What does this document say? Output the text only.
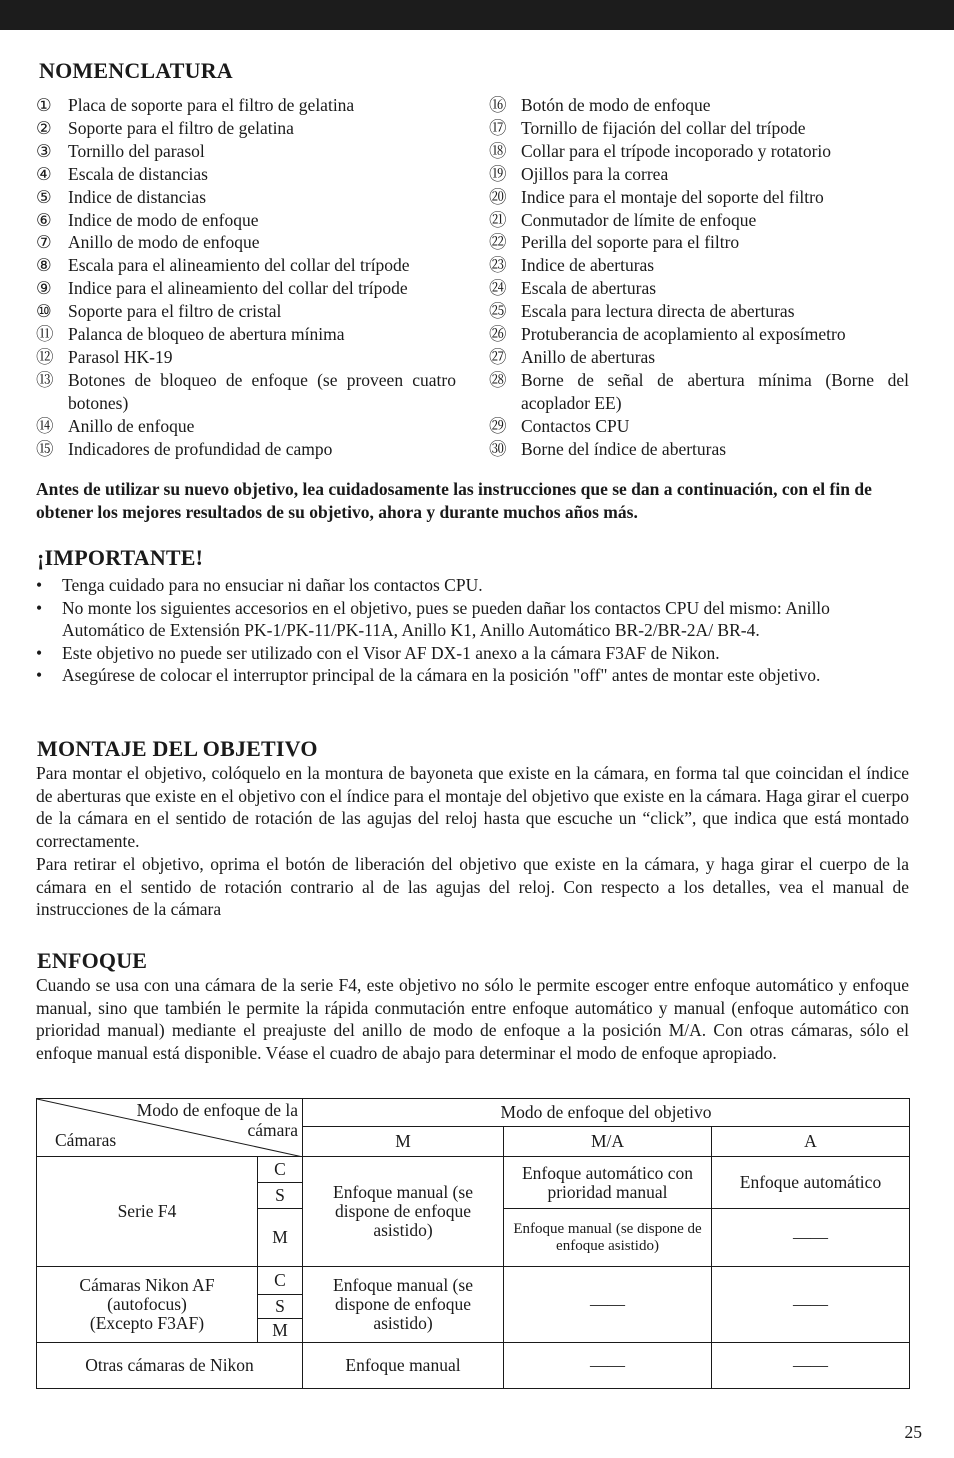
NOMENCLATURA
① Placa de soporte para el filtro de gelatina
② Soporte para el filtro de gelatina
③ Tornillo del parasol
④ Escala de distancias
⑤ Indice de distancias
⑥ Indice de modo de enfoque
⑦ Anillo de modo de enfoque
⑧ Escala para el alineamiento del collar del trípode
⑨ Indice para el alineamiento del collar del trípode
⑩ Soporte para el filtro de cristal
⑪ Palanca de bloqueo de abertura mínima
⑫ Parasol HK-19
⑬ Botones de bloqueo de enfoque (se proveen cuatro botones)
⑭ Anillo de enfoque
⑮ Indicadores de profundidad de campo
⑯ Botón de modo de enfoque
⑰ Tornillo de fijación del collar del trípode
⑱ Collar para el trípode incoporado y rotatorio
⑲ Ojillos para la correa
⑳ Indice para el montaje del soporte del filtro
㉑ Conmutador de límite de enfoque
㉒ Perilla del soporte para el filtro
㉓ Indice de aberturas
㉔ Escala de aberturas
㉕ Escala para lectura directa de aberturas
㉖ Protuberancia de acoplamiento al exposímetro
㉗ Anillo de aberturas
㉘ Borne de señal de abertura mínima (Borne del acoplador EE)
㉙ Contactos CPU
㉚ Borne del índice de aberturas

Antes de utilizar su nuevo objetivo, lea cuidadosamente las instrucciones que se dan a continuación, con el fin de obtener los mejores resultados de su objetivo, ahora y durante muchos años más.

¡IMPORTANTE!
• Tenga cuidado para no ensuciar ni dañar los contactos CPU.
• No monte los siguientes accesorios en el objetivo, pues se pueden dañar los contactos CPU del mismo: Anillo Automático de Extensión PK-1/PK-11/PK-11A, Anillo K1, Anillo Automático BR-2/BR-2A/ BR-4.
• Este objetivo no puede ser utilizado con el Visor AF DX-1 anexo a la cámara F3AF de Nikon.
• Asegúrese de colocar el interruptor principal de la cámara en la posición "off" antes de montar este objetivo.
MONTAJE DEL OBJETIVO

Para montar el objetivo, colóquelo en la montura de bayoneta que existe en la cámara, en forma tal que coincidan el índice de aberturas que existe en el objetivo con el índice para el montaje del objetivo que existe en la cámara. Haga girar el cuerpo de la cámara en el sentido de rotación de las agujas del reloj hasta que escuche un “click”, que indica que está montado correctamente.

Para retirar el objetivo, oprima el botón de liberación del objetivo que existe en la cámara, y haga girar el cuerpo de la cámara en el sentido de rotación contrario al de las agujas del reloj. Con respecto a los detalles, vea el manual de instrucciones de la cámara

ENFOQUE

Cuando se usa con una cámara de la serie F4, este objetivo no sólo le permite escoger entre enfoque automático y enfoque manual, sino que también le permite la rápida conmutación entre enfoque automático y manual (enfoque automático con prioridad manual) mediante el preajuste del anillo de modo de enfoque a la posición M/A. Con otras cámaras, sólo el enfoque manual está disponible. Véase el cuadro de abajo para determinar el modo de enfoque apropiado.

Modo de enfoque de la
cámara
Cámaras		Modo de enfoque del objetivo		
		M	M/A	A
Serie F4	C	Enfoque manual (se dispone de enfoque asistido)	Enfoque automático con prioridad manual	Enfoque automático
	S			
	M		Enfoque manual (se dispone de enfoque asistido)	——

Cámaras Nikon AF
(autofocus)
(Excepto F3AF)	C	Enfoque manual (se dispone de enfoque asistido)	——	——
	S			
	M			
Otras cámaras de Nikon		Enfoque manual	——	——
25
